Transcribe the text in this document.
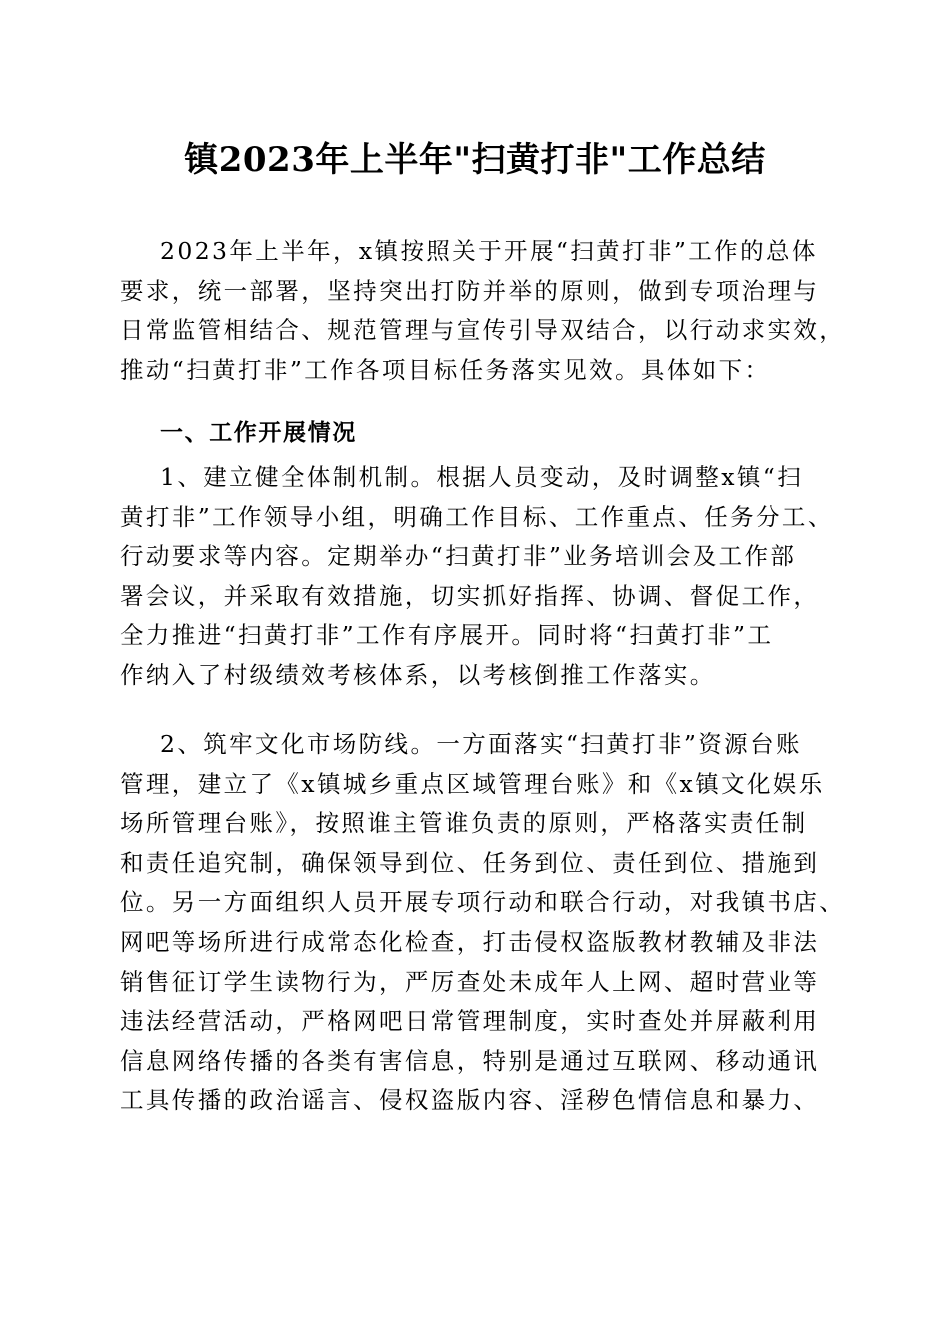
镇2023年上半年"扫黄打非"工作总结
2023年上半年，x镇按照关于开展“扫黄打非”工作的总体
要求，统一部署，坚持突出打防并举的原则，做到专项治理与
日常监管相结合、规范管理与宣传引导双结合，以行动求实效，
推动“扫黄打非”工作各项目标任务落实见效。具体如下：
一、工作开展情况
1、建立健全体制机制。根据人员变动，及时调整x镇“扫
黄打非”工作领导小组，明确工作目标、工作重点、任务分工、
行动要求等内容。定期举办“扫黄打非”业务培训会及工作部
署会议，并采取有效措施，切实抓好指挥、协调、督促工作，
全力推进“扫黄打非”工作有序展开。同时将“扫黄打非”工
作纳入了村级绩效考核体系，以考核倒推工作落实。
2、筑牢文化市场防线。一方面落实“扫黄打非”资源台账
管理，建立了《x镇城乡重点区域管理台账》和《x镇文化娱乐
场所管理台账》，按照谁主管谁负责的原则，严格落实责任制
和责任追究制，确保领导到位、任务到位、责任到位、措施到
位。另一方面组织人员开展专项行动和联合行动，对我镇书店、
网吧等场所进行成常态化检查，打击侵权盗版教材教辅及非法
销售征订学生读物行为，严厉查处未成年人上网、超时营业等
违法经营活动，严格网吧日常管理制度，实时查处并屏蔽利用
信息网络传播的各类有害信息，特别是通过互联网、移动通讯
工具传播的政治谣言、侵权盗版内容、淫秽色情信息和暴力、
